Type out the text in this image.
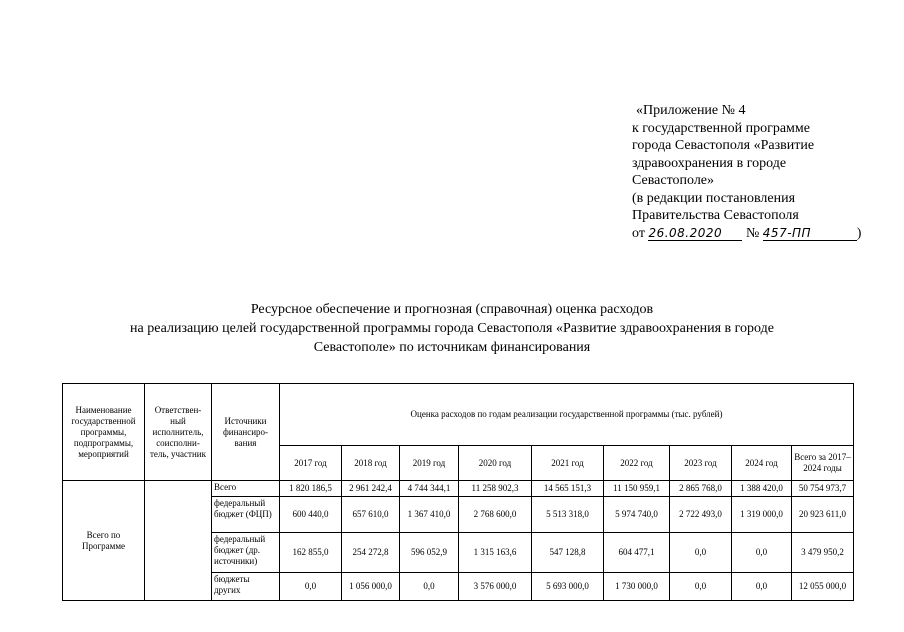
«Приложение № 4
к государственной программе
города Севастополя «Развитие
здравоохранения в городе
Севастополе»
(в редакции постановления
Правительства Севастополя
от 26.08.2020 № 457-ПП	)
Ресурсное обеспечение и прогнозная (справочная) оценка расходов
на реализацию целей государственной программы города Севастополя «Развитие здравоохранения в городе
Севастополе» по источникам финансирования
Наименование государственной программы, подпрограммы, мероприятий	Ответствен-ный исполнитель, соисполни-тель, участник	Источники финансиро-вания	Оценка расходов по годам реализации государственной программы (тыс. рублей)								
			2017 год	2018 год	2019 год	2020 год	2021 год	2022 год	2023 год	2024 год	Всего за 2017–2024 годы
Всего по Программе		Всего	1 820 186,5	2 961 242,4	4 744 344,1	11 258 902,3	14 565 151,3	11 150 959,1	2 865 768,0	1 388 420,0	50 754 973,7
		федеральный бюджет (ФЦП)	600 440,0	657 610,0	1 367 410,0	2 768 600,0	5 513 318,0	5 974 740,0	2 722 493,0	1 319 000,0	20 923 611,0
		федеральный бюджет (др. источники)	162 855,0	254 272,8	596 052,9	1 315 163,6	547 128,8	604 477,1	0,0	0,0	3 479 950,2
		бюджеты других	0,0	1 056 000,0	0,0	3 576 000,0	5 693 000,0	1 730 000,0	0,0	0,0	12 055 000,0
